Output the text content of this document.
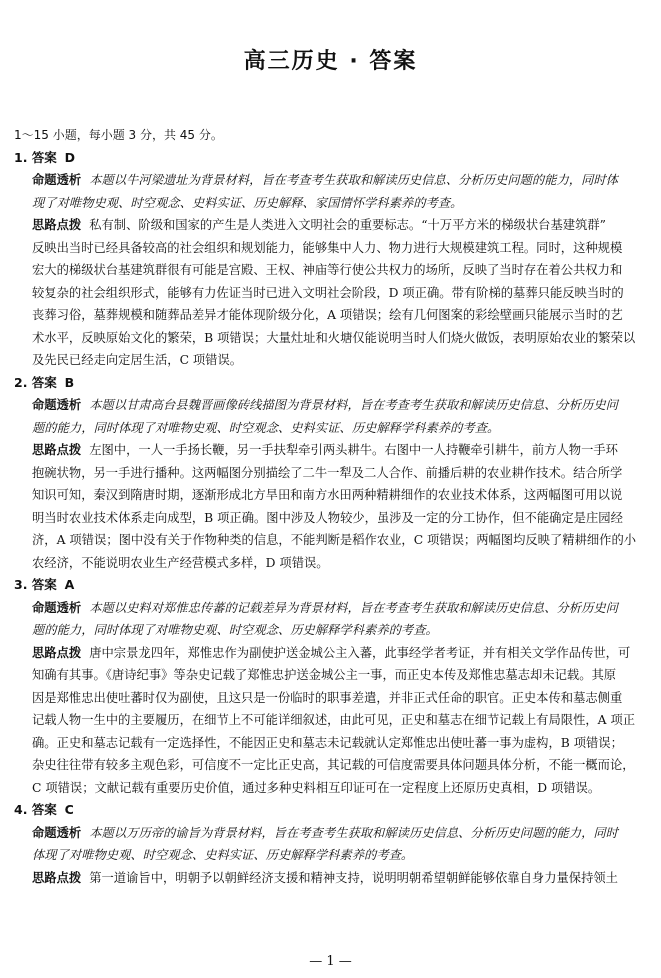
高三历史 · 答案
1～15 小题，每小题 3 分，共 45 分。
1. 答案 D
命题透析 本题以牛河梁遗址为背景材料，旨在考查考生获取和解读历史信息、分析历史问题的能力，同时体
现了对唯物史观、时空观念、史料实证、历史解释、家国情怀学科素养的考查。
思路点拨 私有制、阶级和国家的产生是人类进入文明社会的重要标志。“十万平方米的梯级状台基建筑群”
反映出当时已经具备较高的社会组织和规划能力，能够集中人力、物力进行大规模建筑工程。同时，这种规模
宏大的梯级状台基建筑群很有可能是宫殿、王权、神庙等行使公共权力的场所，反映了当时存在着公共权力和
较复杂的社会组织形式，能够有力佐证当时已进入文明社会阶段，D 项正确。带有阶梯的墓葬只能反映当时的
丧葬习俗，墓葬规模和随葬品差异才能体现阶级分化，A 项错误；绘有几何图案的彩绘壁画只能展示当时的艺
术水平，反映原始文化的繁荣，B 项错误；大量灶址和火塘仅能说明当时人们烧火做饭，表明原始农业的繁荣以
及先民已经走向定居生活，C 项错误。
2. 答案 B
命题透析 本题以甘肃高台县魏晋画像砖线描图为背景材料，旨在考查考生获取和解读历史信息、分析历史问
题的能力，同时体现了对唯物史观、时空观念、史料实证、历史解释学科素养的考查。
思路点拨 左图中，一人一手扬长鞭，另一手扶犁牵引两头耕牛。右图中一人持鞭牵引耕牛，前方人物一手环
抱碗状物，另一手进行播种。这两幅图分别描绘了二牛一犁及二人合作、前播后耕的农业耕作技术。结合所学
知识可知，秦汉到隋唐时期，逐渐形成北方旱田和南方水田两种精耕细作的农业技术体系，这两幅图可用以说
明当时农业技术体系走向成型，B 项正确。图中涉及人物较少，虽涉及一定的分工协作，但不能确定是庄园经
济，A 项错误；图中没有关于作物种类的信息，不能判断是稻作农业，C 项错误；两幅图均反映了精耕细作的小
农经济，不能说明农业生产经营模式多样，D 项错误。
3. 答案 A
命题透析 本题以史料对郑惟忠传蕃的记载差异为背景材料，旨在考查考生获取和解读历史信息、分析历史问
题的能力，同时体现了对唯物史观、时空观念、历史解释学科素养的考查。
思路点拨 唐中宗景龙四年，郑惟忠作为副使护送金城公主入蕃，此事经学者考证，并有相关文学作品传世，可
知确有其事。《唐诗纪事》等杂史记载了郑惟忠护送金城公主一事，而正史本传及郑惟忠墓志却未记载。其原
因是郑惟忠出使吐蕃时仅为副使，且这只是一份临时的职事差遣，并非正式任命的职官。正史本传和墓志侧重
记载人物一生中的主要履历，在细节上不可能详细叙述，由此可见，正史和墓志在细节记载上有局限性，A 项正
确。正史和墓志记载有一定选择性，不能因正史和墓志未记载就认定郑惟忠出使吐蕃一事为虚构，B 项错误；
杂史往往带有较多主观色彩，可信度不一定比正史高，其记载的可信度需要具体问题具体分析，不能一概而论，
C 项错误；文献记载有重要历史价值，通过多种史料相互印证可在一定程度上还原历史真相，D 项错误。
4. 答案 C
命题透析 本题以万历帝的谕旨为背景材料，旨在考查考生获取和解读历史信息、分析历史问题的能力，同时
体现了对唯物史观、时空观念、史料实证、历史解释学科素养的考查。
思路点拨 第一道谕旨中，明朝予以朝鲜经济支援和精神支持，说明明朝希望朝鲜能够依靠自身力量保持领土
— 1 —
